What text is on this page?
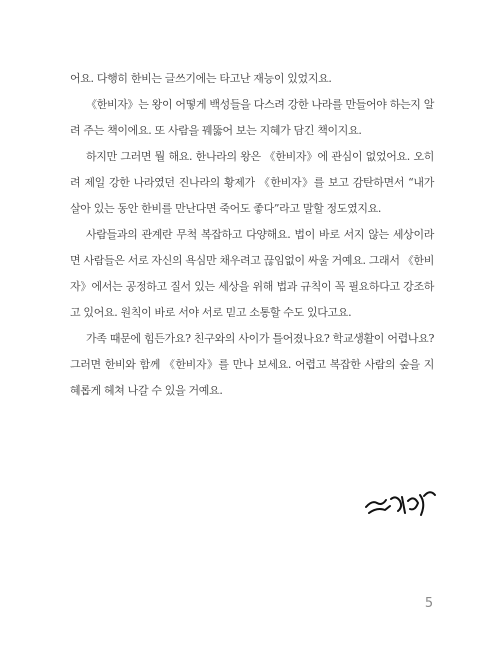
어요. 다행히 한비는 글쓰기에는 타고난 재능이 있었지요.

《한비자》는 왕이 어떻게 백성들을 다스려 강한 나라를 만들어야 하는지 알려 주는 책이에요. 또 사람을 꿰뚫어 보는 지혜가 담긴 책이지요.

하지만 그러면 뭘 해요. 한나라의 왕은 《한비자》에 관심이 없었어요. 오히려 제일 강한 나라였던 진나라의 황제가 《한비자》를 보고 감탄하면서 “내가 살아 있는 동안 한비를 만난다면 죽어도 좋다”라고 말할 정도였지요.

사람들과의 관계란 무척 복잡하고 다양해요. 법이 바로 서지 않는 세상이라면 사람들은 서로 자신의 욕심만 채우려고 끊임없이 싸울 거예요. 그래서 《한비자》에서는 공정하고 질서 있는 세상을 위해 법과 규칙이 꼭 필요하다고 강조하고 있어요. 원칙이 바로 서야 서로 믿고 소통할 수도 있다고요.

가족 때문에 힘든가요? 친구와의 사이가 틀어졌나요? 학교생활이 어렵나요? 그러면 한비와 함께 《한비자》를 만나 보세요. 어렵고 복잡한 사람의 숲을 지혜롭게 헤쳐 나갈 수 있을 거예요.

5
